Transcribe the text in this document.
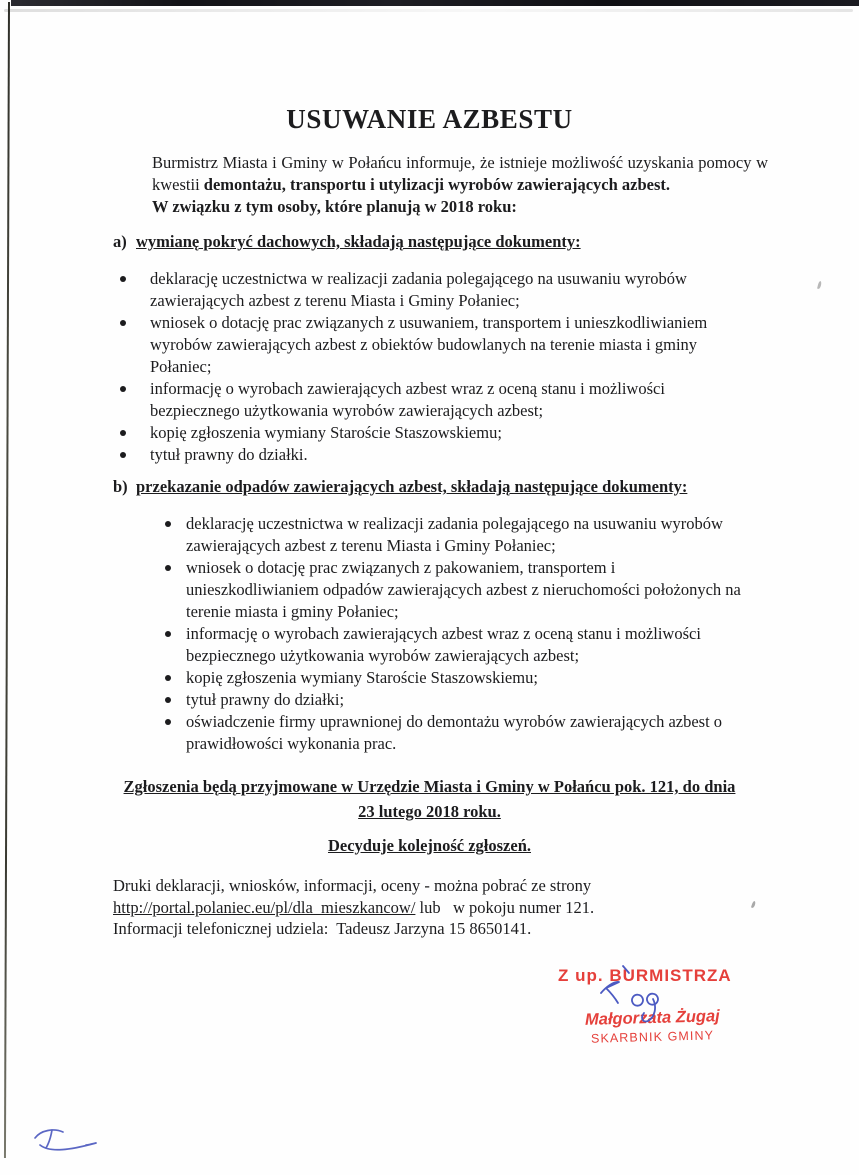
USUWANIE AZBESTU

Burmistrz Miasta i Gminy w Połańcu informuje, że istnieje możliwość uzyskania pomocy w kwestii demontażu, transportu i utylizacji wyrobów zawierających azbest.
W związku z tym osoby, które planują w 2018 roku:

a) wymianę pokryć dachowych, składają następujące dokumenty:
deklarację uczestnictwa w realizacji zadania polegającego na usuwaniu wyrobów zawierających azbest z terenu Miasta i Gminy Połaniec;
wniosek o dotację prac związanych z usuwaniem, transportem i unieszkodliwianiem wyrobów zawierających azbest z obiektów budowlanych na terenie miasta i gminy Połaniec;
informację o wyrobach zawierających azbest wraz z oceną stanu i możliwości bezpiecznego użytkowania wyrobów zawierających azbest;
kopię zgłoszenia wymiany Staroście Staszowskiemu;
tytuł prawny do działki.
b) przekazanie odpadów zawierających azbest, składają następujące dokumenty:
deklarację uczestnictwa w realizacji zadania polegającego na usuwaniu wyrobów zawierających azbest z terenu Miasta i Gminy Połaniec;
wniosek o dotację prac związanych z pakowaniem, transportem i unieszkodliwianiem odpadów zawierających azbest z nieruchomości położonych na terenie miasta i gminy Połaniec;
informację o wyrobach zawierających azbest wraz z oceną stanu i możliwości bezpiecznego użytkowania wyrobów zawierających azbest;
kopię zgłoszenia wymiany Staroście Staszowskiemu;
tytuł prawny do działki;
oświadczenie firmy uprawnionej do demontażu wyrobów zawierających azbest o prawidłowości wykonania prac.
Zgłoszenia będą przyjmowane w Urzędzie Miasta i Gminy w Połańcu pok. 121, do dnia
23 lutego 2018 roku.
Decyduje kolejność zgłoszeń.
Druki deklaracji, wniosków, informacji, oceny - można pobrać ze strony
http://portal.polaniec.eu/pl/dla_mieszkancow/ lub   w pokoju numer 121.
Informacji telefonicznej udziela:  Tadeusz Jarzyna 15 8650141.
Z up. BURMISTRZA
Małgorzata Żugaj
SKARBNIK GMINY
